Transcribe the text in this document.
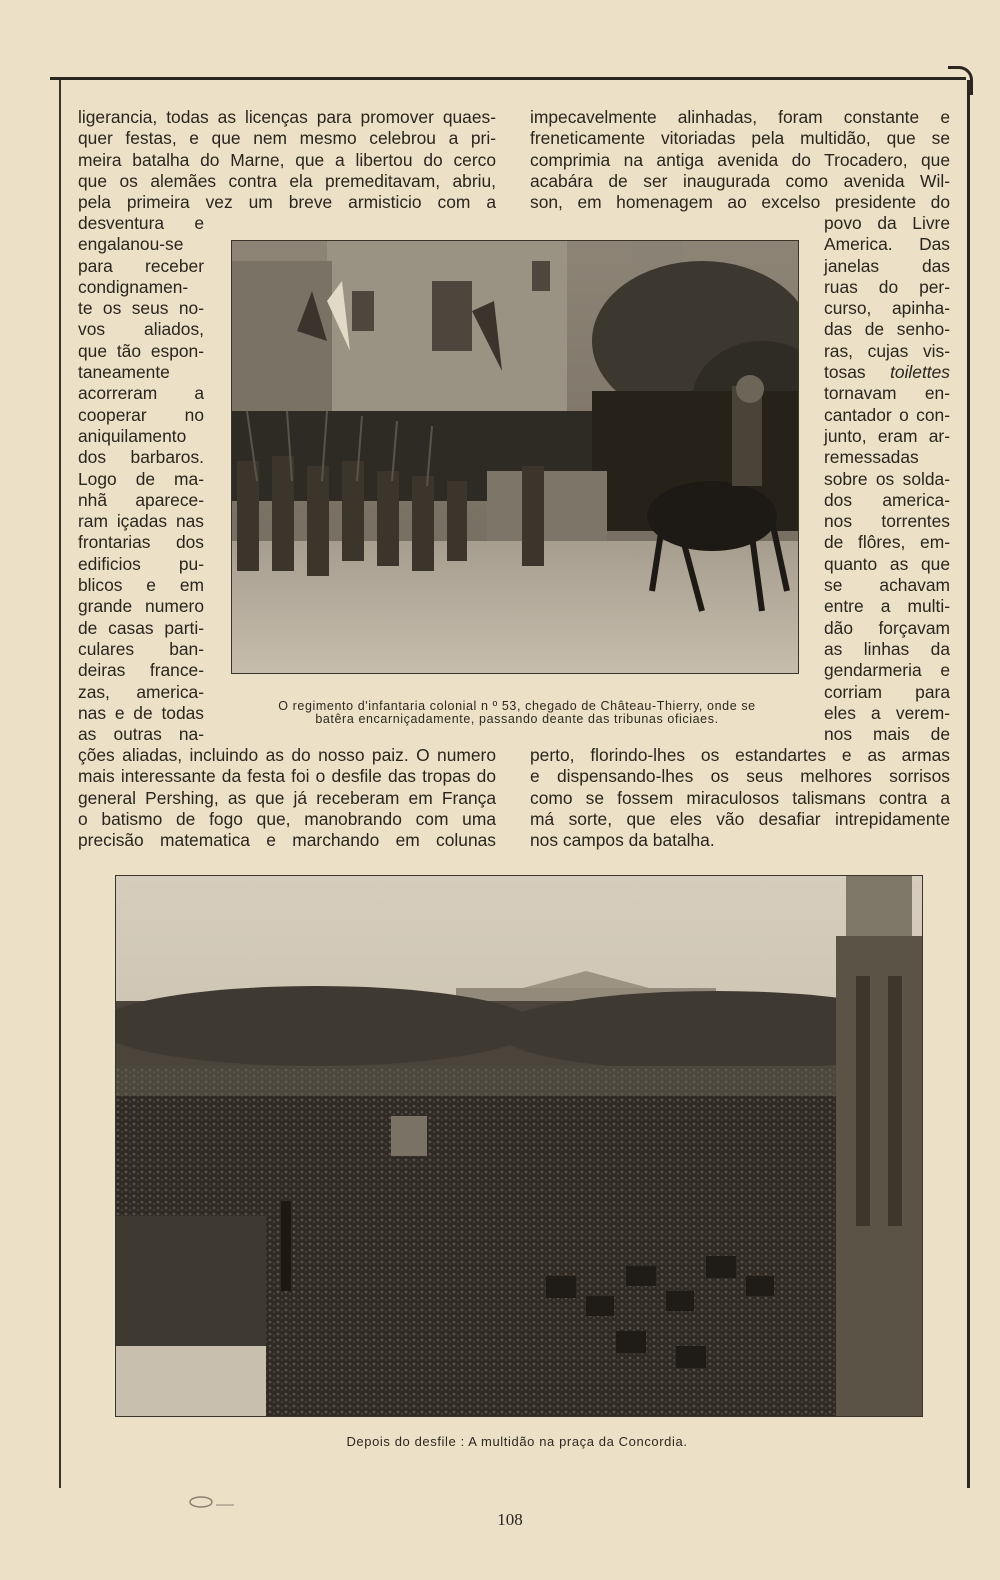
ligerancia, todas as licenças para promover quaes-
quer festas, e que nem mesmo celebrou a pri-
meira batalha do Marne, que a libertou do cerco
que os alemães contra ela premeditavam, abriu,
pela primeira vez um breve armisticio com a
desventura e
engalanou-se
para receber
condignamen-
te os seus no-
vos aliados,
que tão espon-
taneamente
acorreram a
cooperar no
aniquilamento
dos barbaros.
Logo de ma-
nhã aparece-
ram içadas nas
frontarias dos
edificios pu-
blicos e em
grande numero
de casas parti-
culares ban-
deiras france-
zas, america-
nas e de todas
as outras na-
ções aliadas, incluindo as do nosso paiz. O numero
mais interessante da festa foi o desfile das tropas do
general Pershing, as que já receberam em França
o batismo de fogo que, manobrando com uma
precisão matematica e marchando em colunas
impecavelmente alinhadas, foram constante e
freneticamente vitoriadas pela multidão, que se
comprimia na antiga avenida do Trocadero, que
acabára de ser inaugurada como avenida Wil-
son, em homenagem ao excelso presidente do
povo da Livre
America. Das
janelas das
ruas do per-
curso, apinha-
das de senho-
ras, cujas vis-
tosas toilettes
tornavam en-
cantador o con-
junto, eram ar-
remessadas
sobre os solda-
dos america-
nos torrentes
de flôres, em-
quanto as que
se achavam
entre a multi-
dão forçavam
as linhas da
gendarmeria e
corriam para
eles a verem-
nos mais de
perto, florindo-lhes os estandartes e as armas
e dispensando-lhes os seus melhores sorrisos
como se fossem miraculosos talismans contra a
má sorte, que eles vão desafiar intrepidamente
nos campos da batalha.

O regimento d'infantaria colonial n º 53, chegado de Château-Thierry, onde se
batêra encarniçadamente, passando deante das tribunas oficiaes.

Depois do desfile : A multidão na praça da Concordia.

108
